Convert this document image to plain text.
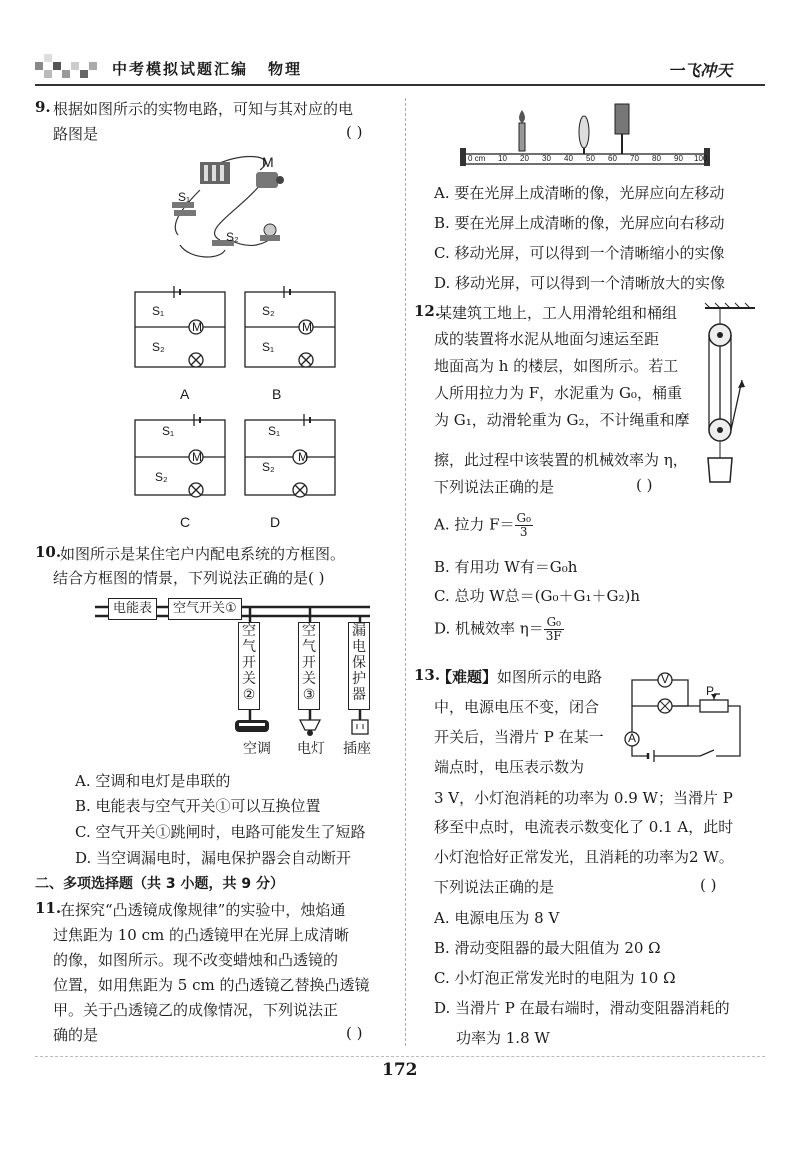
中考模拟试题汇编 物理	一飞冲天
9. 根据如图所示的实物电路，可知与其对应的电
路图是	( )
M
S₁
S₂
S₁
S₂
M
A
S₂
S₁
M
B
S₁
S₂
M
C
S₁
S₂
M
D
10.
如图所示是某住宅户内配电系统的方框图。
结合方框图的情景，下列说法正确的是( )
电能表	空气开关①
空气开关②
空气开关③
漏电保护器
空调 电灯 插座
A. 空调和电灯是串联的
B. 电能表与空气开关①可以互换位置
C. 空气开关①跳闸时，电路可能发生了短路
D. 当空调漏电时，漏电保护器会自动断开
二、多项选择题（共 3 小题，共 9 分）
11.
在探究“凸透镜成像规律”的实验中，烛焰通
过焦距为 10 cm 的凸透镜甲在光屏上成清晰
的像，如图所示。现不改变蜡烛和凸透镜的
位置，如用焦距为 5 cm 的凸透镜乙替换凸透镜
甲。关于凸透镜乙的成像情况，下列说法正
确的是	( )
0 cm 10 20 30 40 50 60 70 80 90 100
A. 要在光屏上成清晰的像，光屏应向左移动
B. 要在光屏上成清晰的像，光屏应向右移动
C. 移动光屏，可以得到一个清晰缩小的实像
D. 移动光屏，可以得到一个清晰放大的实像
12.
某建筑工地上，工人用滑轮组和桶组
成的装置将水泥从地面匀速运至距
地面高为 h 的楼层，如图所示。若工
人所用拉力为 F，水泥重为 G₀，桶重
为 G₁，动滑轮重为 G₂，不计绳重和摩
擦，此过程中该装置的机械效率为 η，
下列说法正确的是	( )
A. 拉力 $F= \frac{\text{G₀}}{3}$
B. 有用功 W有＝G₀h
C. 总功 W总＝(G₀＋G₁＋G₂)h
D. 机械效率 $\eta= \frac{\text{G₀}}{3F}$
13.
【难题】 如图所示的电路
中，电源电压不变，闭合
开关后，当滑片 P 在某一
端点时，电压表示数为
V
A
P
3 V，小灯泡消耗的功率为 0.9 W；当滑片 P
移至中点时，电流表示数变化了 0.1 A，此时
小灯泡恰好正常发光，且消耗的功率为2 W。
下列说法正确的是	( )
A. 电源电压为 8 V
B. 滑动变阻器的最大阻值为 20 Ω
C. 小灯泡正常发光时的电阻为 10 Ω
D. 当滑片 P 在最右端时，滑动变阻器消耗的
功率为 1.8 W
172
